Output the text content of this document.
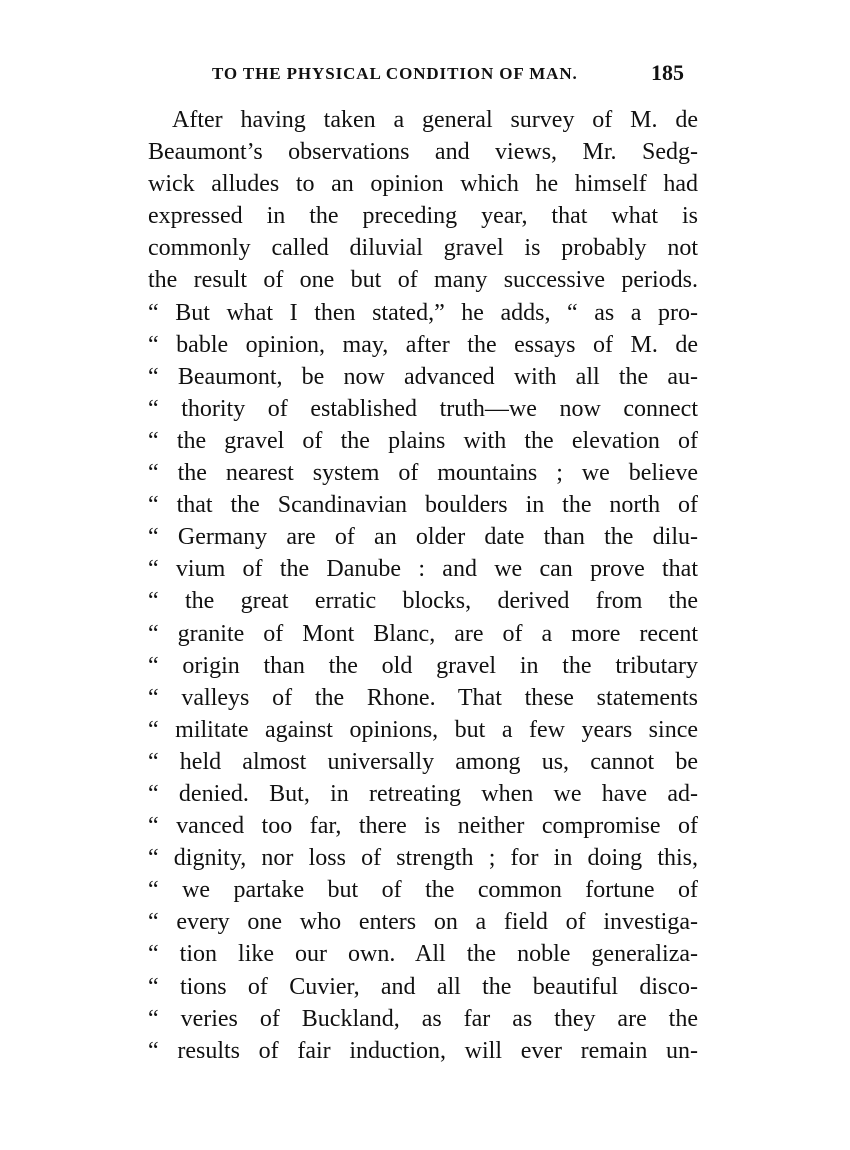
TO THE PHYSICAL CONDITION OF MAN.	185
After having taken a general survey of M. de
Beaumont’s observations and views, Mr. Sedg-
wick alludes to an opinion which he himself had
expressed in the preceding year, that what is
commonly called diluvial gravel is probably not
the result of one but of many successive periods.
“ But what I then stated,” he adds, “ as a pro-
“ bable opinion, may, after the essays of M. de
“ Beaumont, be now advanced with all the au-
“ thority of established truth—we now connect
“ the gravel of the plains with the elevation of
“ the nearest system of mountains ; we believe
“ that the Scandinavian boulders in the north of
“ Germany are of an older date than the dilu-
“ vium of the Danube : and we can prove that
“ the great erratic blocks, derived from the
“ granite of Mont Blanc, are of a more recent
“ origin than the old gravel in the tributary
“ valleys of the Rhone. That these statements
“ militate against opinions, but a few years since
“ held almost universally among us, cannot be
“ denied. But, in retreating when we have ad-
“ vanced too far, there is neither compromise of
“ dignity, nor loss of strength ; for in doing this,
“ we partake but of the common fortune of
“ every one who enters on a field of investiga-
“ tion like our own. All the noble generaliza-
“ tions of Cuvier, and all the beautiful disco-
“ veries of Buckland, as far as they are the
“ results of fair induction, will ever remain un-
